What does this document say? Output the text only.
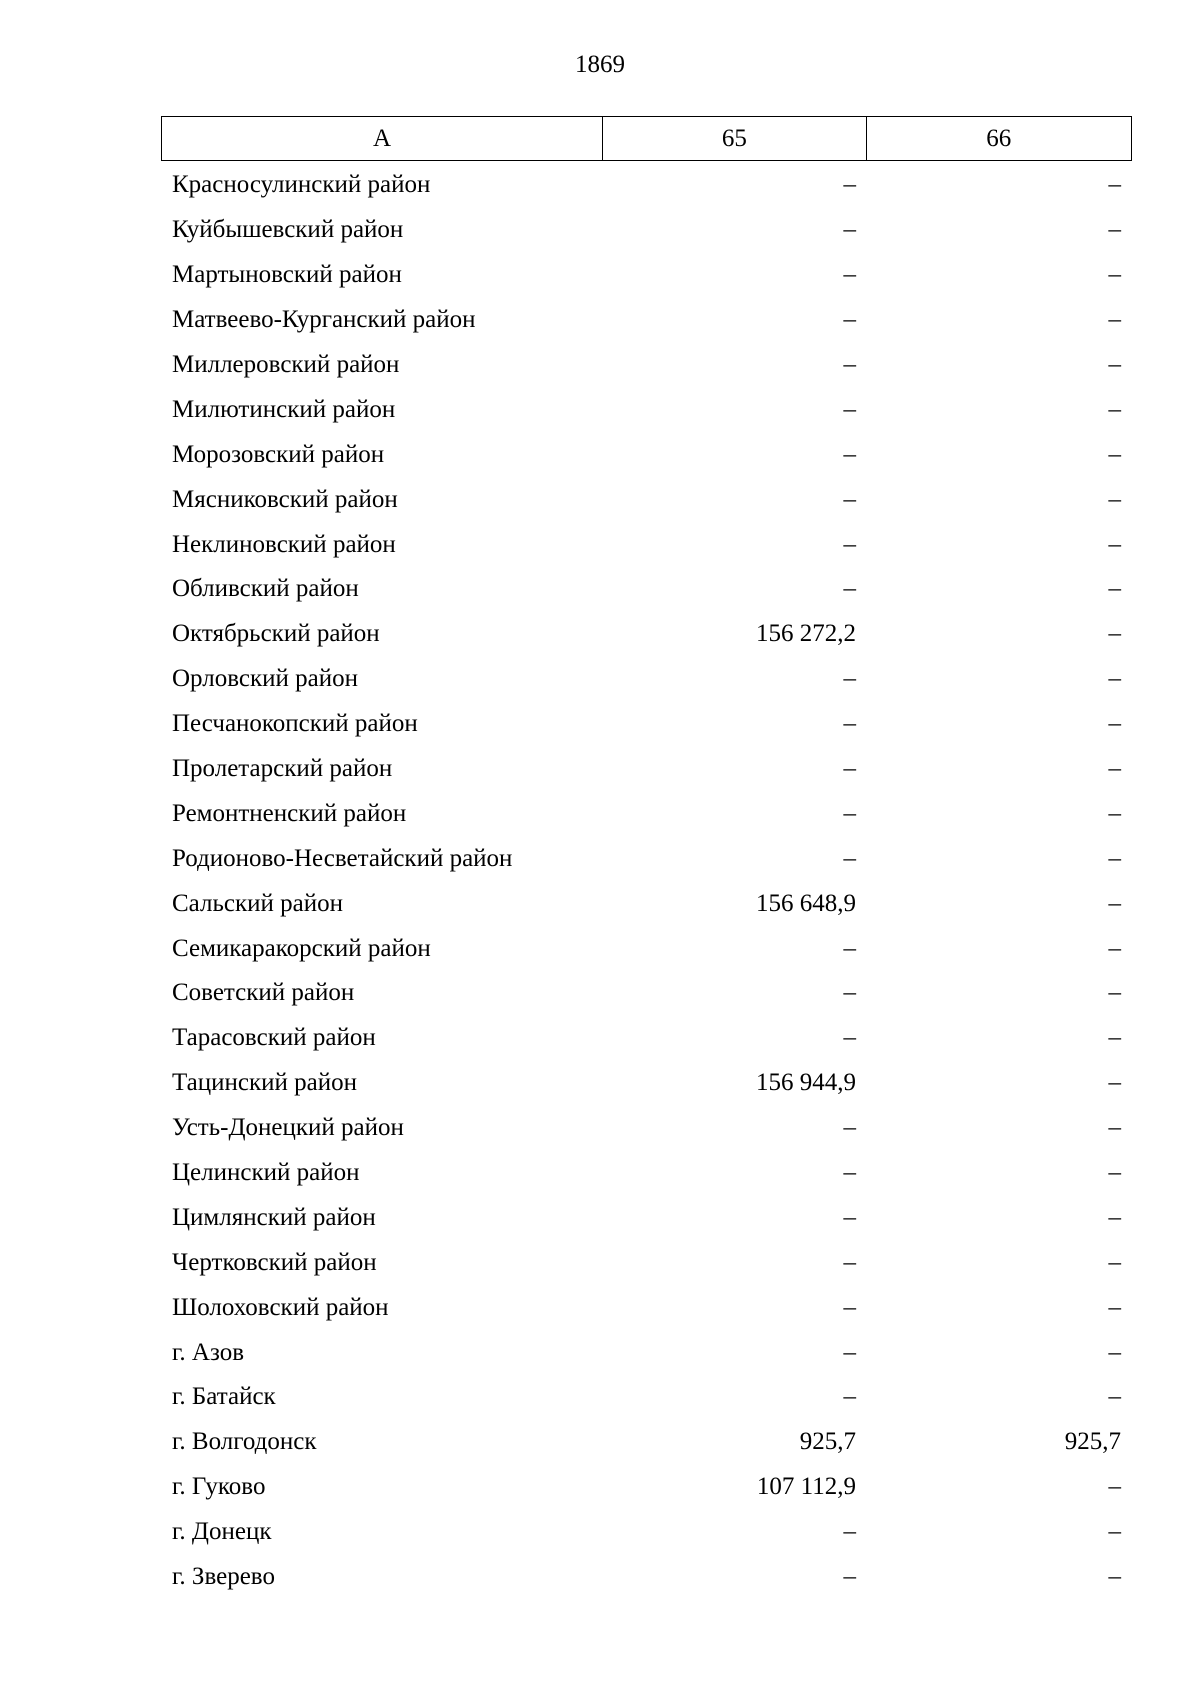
1869
А	65	66
Красносулинский район	–	–
Куйбышевский район	–	–
Мартыновский район	–	–
Матвеево-Курганский район	–	–
Миллеровский район	–	–
Милютинский район	–	–
Морозовский район	–	–
Мясниковский район	–	–
Неклиновский район	–	–
Обливский район	–	–
Октябрьский район	156 272,2	–
Орловский район	–	–
Песчанокопский район	–	–
Пролетарский район	–	–
Ремонтненский район	–	–
Родионово-Несветайский район	–	–
Сальский район	156 648,9	–
Семикаракорский район	–	–
Советский район	–	–
Тарасовский район	–	–
Тацинский район	156 944,9	–
Усть-Донецкий район	–	–
Целинский район	–	–
Цимлянский район	–	–
Чертковский район	–	–
Шолоховский район	–	–
г. Азов	–	–
г. Батайск	–	–
г. Волгодонск	925,7	925,7
г. Гуково	107 112,9	–
г. Донецк	–	–
г. Зверево	–	–
